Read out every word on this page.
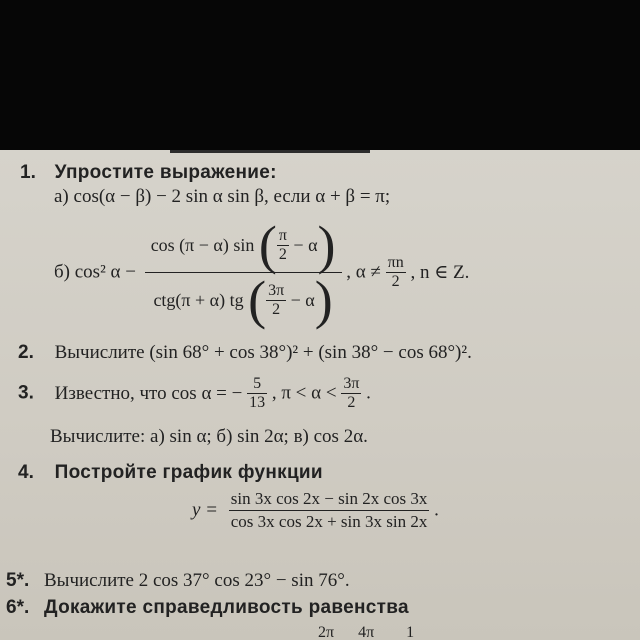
1. Упростите выражение:
а) cos(α − β) − 2 sin α sin β, если α + β = π;
б) cos² $\alpha - \frac{\cos (\pi - \alpha) \sin ( \frac{\pi}{2} - \alpha)}{ctg(\pi + \alpha) tg ( \frac{3\pi}{2} - \alpha)}$ , $\alpha \ne \frac{\pi n}{2}$ , n ∈ Z.
2. Вычислите (sin 68° + cos 38°)² + (sin 38° − cos 68°)².
3. Известно, что cos α = − $\frac{5}{13}$ , $\pi < \alpha < \frac{3\pi}{2}$ .
Вычислите: а) sin α; б) sin 2α; в) cos 2α.
4. Постройте график функции
$y = \frac{\text{sin 3x cos 2x − sin 2x cos 3x}}{\text{cos 3x cos 2x + sin 3x sin 2x}}$ .
5*. Вычислите 2 cos 37° cos 23° − sin 76°.
6*. Докажите справедливость равенства
2π      4π        1
